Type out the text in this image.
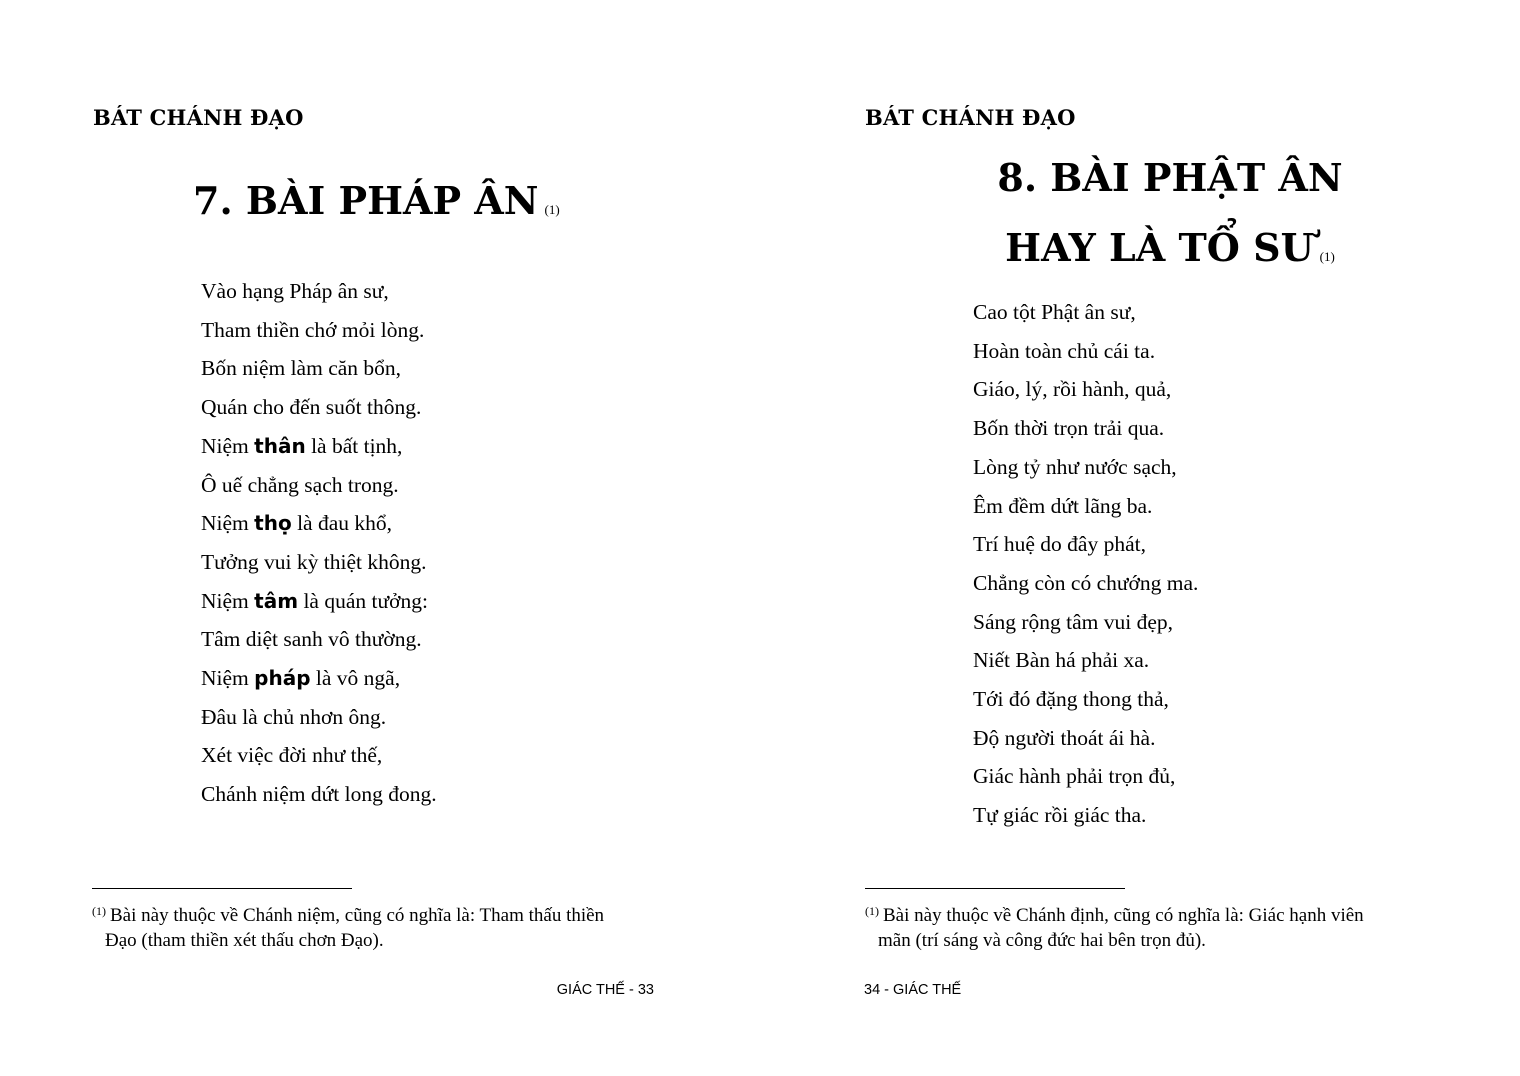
BÁT CHÁNH ĐẠO
7. BÀI PHÁP ÂN (1)
Vào hạng Pháp ân sư,
Tham thiền chớ mỏi lòng.
Bốn niệm làm căn bổn,
Quán cho đến suốt thông.
Niệm thân là bất tịnh,
Ô uế chẳng sạch trong.
Niệm thọ là đau khổ,
Tưởng vui kỳ thiệt không.
Niệm tâm là quán tưởng:
Tâm diệt sanh vô thường.
Niệm pháp là vô ngã,
Đâu là chủ nhơn ông.
Xét việc đời như thế,
Chánh niệm dứt long đong.
$^{(1)}$ Bài này thuộc về Chánh niệm, cũng có nghĩa là: Tham thấu thiền
Đạo (tham thiền xét thấu chơn Đạo).
GIÁC THẾ - 33
BÁT CHÁNH ĐẠO
8. BÀI PHẬT ÂN
HAY LÀ TỔ SƯ (1)
Cao tột Phật ân sư,
Hoàn toàn chủ cái ta.
Giáo, lý, rồi hành, quả,
Bốn thời trọn trải qua.
Lòng tỷ như nước sạch,
Êm đềm dứt lãng ba.
Trí huệ do đây phát,
Chẳng còn có chướng ma.
Sáng rộng tâm vui đẹp,
Niết Bàn há phải xa.
Tới đó đặng thong thả,
Độ người thoát ái hà.
Giác hành phải trọn đủ,
Tự giác rồi giác tha.
$^{(1)}$ Bài này thuộc về Chánh định, cũng có nghĩa là: Giác hạnh viên
mãn (trí sáng và công đức hai bên trọn đủ).
34 - GIÁC THẾ
